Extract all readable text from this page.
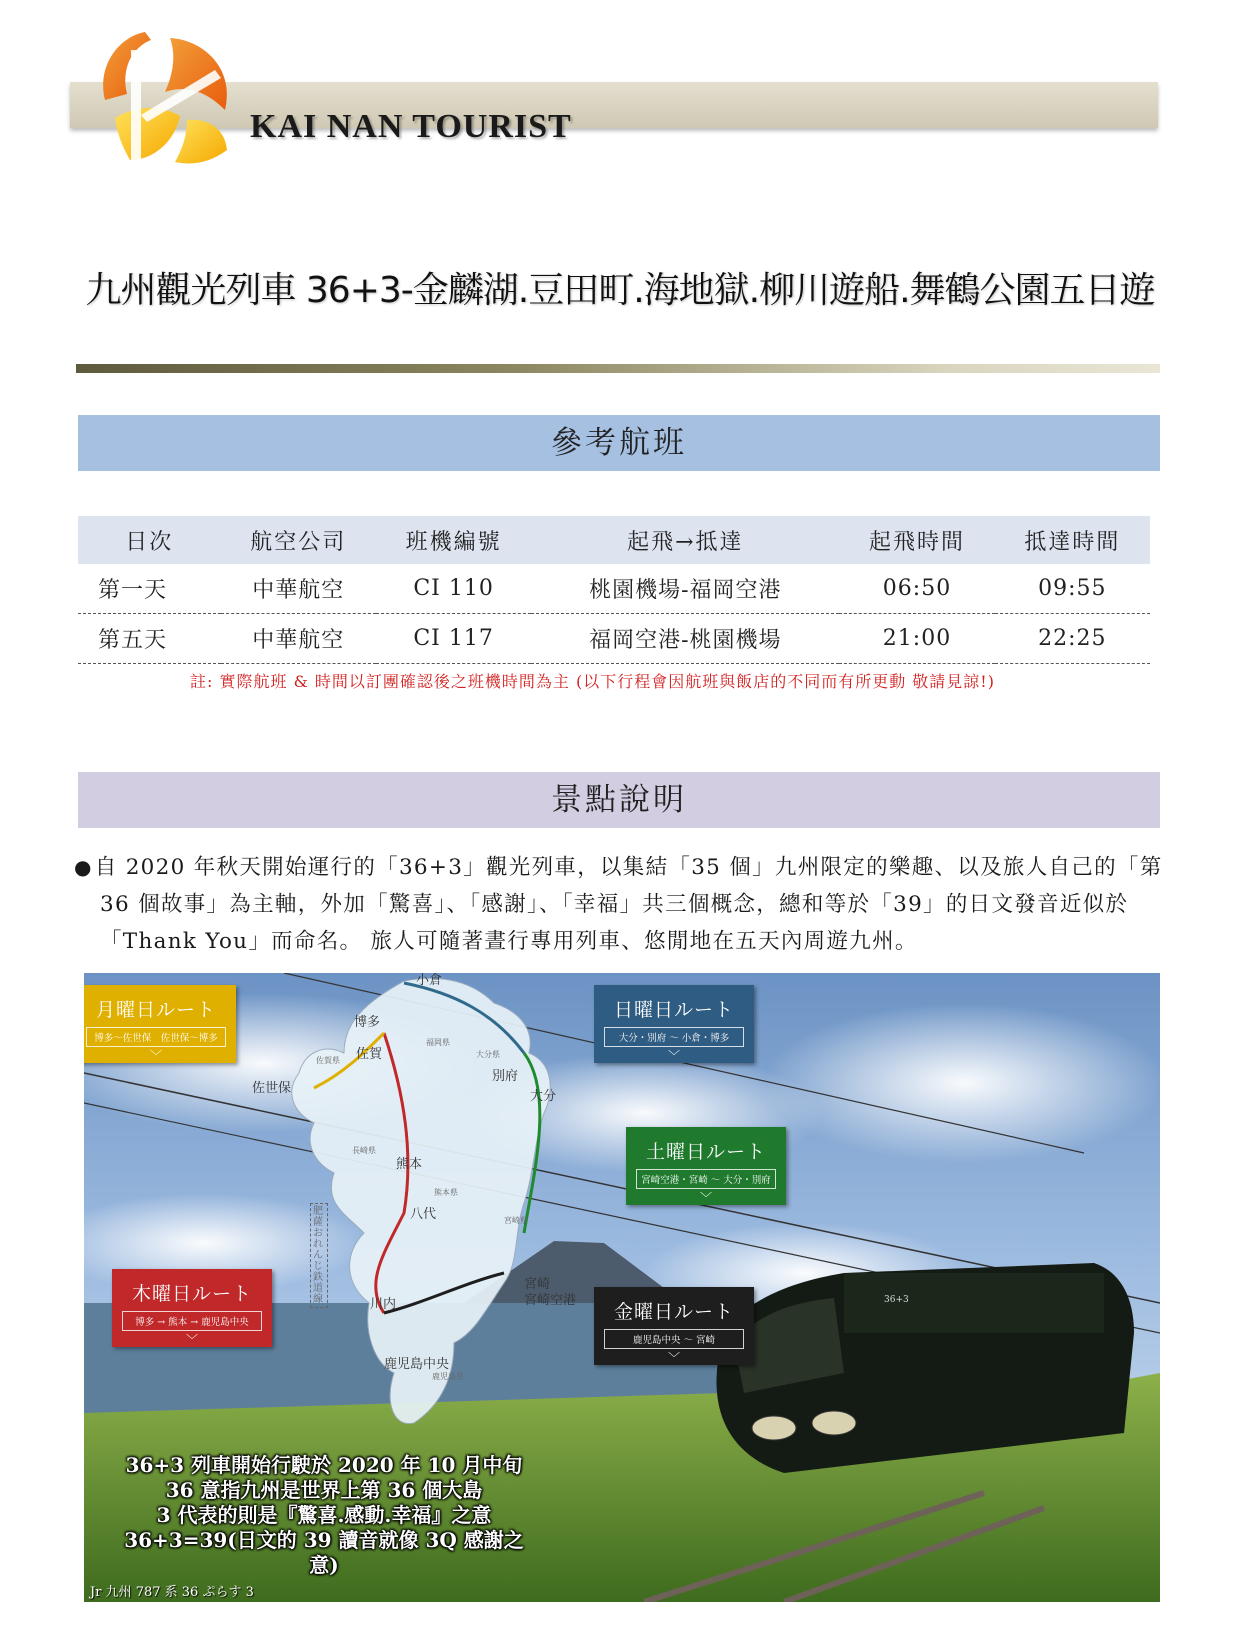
KAI NAN TOURIST
九州觀光列車 36+3-金麟湖.豆田町.海地獄.柳川遊船.舞鶴公園五日遊
參考航班
日次	航空公司	班機編號	起飛→抵達	起飛時間	抵達時間
第一天	中華航空	CI 110	桃園機場-福岡空港	06:50	09:55
第五天	中華航空	CI 117	福岡空港-桃園機場	21:00	22:25
註: 實際航班 & 時間以訂團確認後之班機時間為主 (以下行程會因航班與飯店的不同而有所更動 敬請見諒!)
景點說明

●自 2020 年秋天開始運行的「36+3」觀光列車，以集結「35 個」九州限定的樂趣、以及旅人自己的「第 36 個故事」為主軸，外加「驚喜」、「感謝」、「幸福」共三個概念，總和等於「39」的日文發音近似於「Thank You」而命名。 旅人可隨著晝行專用列車、悠閒地在五天內周遊九州。

小倉
博多
佐賀
佐世保
別府
大分
熊本
八代
川内
宮崎
宮崎空港
鹿児島中央
福岡県
大分県
佐賀県
長崎県
熊本県
宮崎県
鹿児島県
肥薩おれんじ鉄道線	36+3
月曜日ルート
博多～佐世保　佐世保～博多
﹀
日曜日ルート
大分・別府 ～ 小倉・博多
﹀
土曜日ルート
宮崎空港・宮崎 ～ 大分・別府
﹀
木曜日ルート
博多 → 熊本 → 鹿児島中央
﹀
金曜日ルート
鹿児島中央 ～ 宮崎
﹀
36+3 列車開始行駛於 2020 年 10 月中旬
36 意指九州是世界上第 36 個大島
3 代表的則是『驚喜.感動.幸福』之意
36+3=39(日文的 39 讀音就像 3Q 感謝之意)
Jr 九州 787 系 36 ぷらす 3
